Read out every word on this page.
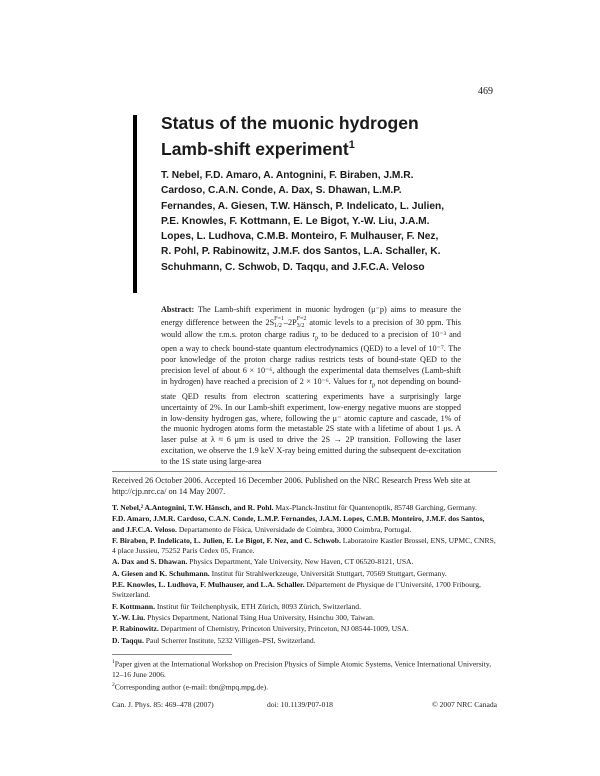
469
Status of the muonic hydrogen
Lamb-shift experiment$^1$
T. Nebel, F.D. Amaro, A. Antognini, F. Biraben, J.M.R. Cardoso, C.A.N. Conde, A. Dax, S. Dhawan, L.M.P. Fernandes, A. Giesen, T.W. Hänsch, P. Indelicato, L. Julien, P.E. Knowles, F. Kottmann, E. Le Bigot, Y.-W. Liu, J.A.M. Lopes, L. Ludhova, C.M.B. Monteiro, F. Mulhauser, F. Nez, R. Pohl, P. Rabinowitz, J.M.F. dos Santos, L.A. Schaller, K. Schuhmann, C. Schwob, D. Taqqu, and J.F.C.A. Veloso
Abstract: The Lamb-shift experiment in muonic hydrogen (μ⁻p) aims to measure the energy difference between the 2SF=1
1/2 –2PF=2
3/2 atomic levels to a precision of 30 ppm. This would allow the r.m.s. proton charge radius $r_p$ to be deduced to a precision of 10⁻³ and open a way to check bound-state quantum electrodynamics (QED) to a level of 10⁻⁷. The poor knowledge of the proton charge radius restricts tests of bound-state QED to the precision level of about 6 × 10⁻⁶, although the experimental data themselves (Lamb-shift in hydrogen) have reached a precision of 2 × 10⁻⁶. Values for $r_p$ not depending on bound-state QED results from electron scattering experiments have a surprisingly large uncertainty of 2%. In our Lamb-shift experiment, low-energy negative muons are stopped in low-density hydrogen gas, where, following the μ⁻ atomic capture and cascade, 1% of the muonic hydrogen atoms form the metastable 2S state with a lifetime of about 1 μs. A laser pulse at λ ≈ 6 μm is used to drive the 2S → 2P transition. Following the laser excitation, we observe the 1.9 keV X-ray being emitted during the subsequent de-excitation to the 1S state using large-area
Received 26 October 2006. Accepted 16 December 2006. Published on the NRC Research Press Web site at http://cjp.nrc.ca/ on 14 May 2007.

T. Nebel,² A.Antognini, T.W. Hänsch, and R. Pohl. Max-Planck-Institut für Quantenoptik, 85748 Garching, Germany.

F.D. Amaro, J.M.R. Cardoso, C.A.N. Conde, L.M.P. Fernandes, J.A.M. Lopes, C.M.B. Monteiro, J.M.F. dos Santos, and J.F.C.A. Veloso. Departamento de Física, Universidade de Coimbra, 3000 Coimbra, Portugal.

F. Biraben, P. Indelicato, L. Julien, E. Le Bigot, F. Nez, and C. Schwob. Laboratoire Kastler Brossel, ENS, UPMC, CNRS, 4 place Jussieu, 75252 Paris Cedex 05, France.

A. Dax and S. Dhawan. Physics Department, Yale University, New Haven, CT 06520-8121, USA.

A. Giesen and K. Schuhmann. Institut für Strahlwerkzeuge, Universität Stuttgart, 70569 Stuttgart, Germany.

P.E. Knowles, L. Ludhova, F. Mulhauser, and L.A. Schaller. Département de Physique de l’Université, 1700 Fribourg, Switzerland.

F. Kottmann. Institut für Teilchenphysik, ETH Zürich, 8093 Zürich, Switzerland.

Y.-W. Liu. Physics Department, National Tsing Hua University, Hsinchu 300, Taiwan.

P. Rabinowitz. Department of Chemistry, Princeton University, Princeton, NJ 08544-1009, USA.

D. Taqqu. Paul Scherrer Institute, 5232 Villigen–PSI, Switzerland.

$^1$Paper given at the International Workshop on Precision Physics of Simple Atomic Systems, Venice International University, 12–16 June 2006.

$^2$Corresponding author (e-mail: tbn@mpq.mpg.de).

Can. J. Phys. 85: 469–478 (2007)	doi: 10.1139/P07-018	© 2007 NRC Canada
